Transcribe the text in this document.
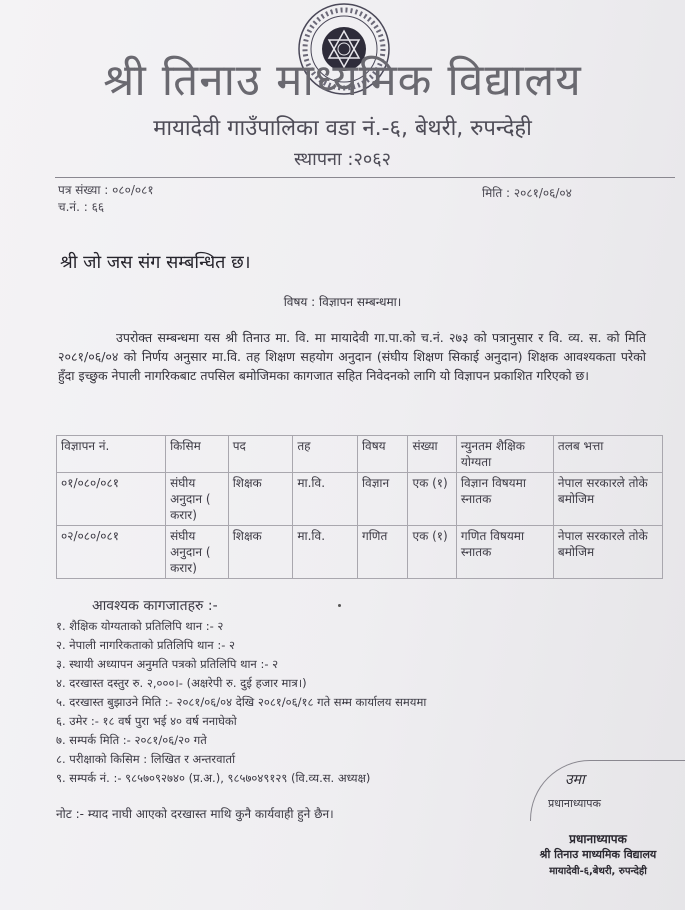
श्री तिनाउ माध्यमिक विद्यालय
मायादेवी गाउँपालिका वडा नं.-६, बेथरी, रुपन्देही
स्थापना :२०६२
पत्र संख्या : ०८०/०८१
च.नं. : ६६
मिति : २०८१/०६/०४
श्री जो जस संग सम्बन्धित छ।
विषय : विज्ञापन सम्बन्धमा।
उपरोक्त सम्बन्धमा यस श्री तिनाउ मा. वि. मा मायादेवी गा.पा.को च.नं. २७३ को पत्रानुसार र वि. व्य. स. को मिति २०८१/०६/०४ को निर्णय अनुसार मा.वि. तह शिक्षण सहयोग अनुदान (संघीय शिक्षण सिकाई अनुदान) शिक्षक आवश्यकता परेको हुँदा इच्छुक नेपाली नागरिकबाट तपसिल बमोजिमका कागजात सहित निवेदनको लागि यो विज्ञापन प्रकाशित गरिएको छ।
विज्ञापन नं.	किसिम	पद	तह	विषय	संख्या	न्युनतम शैक्षिक योग्यता	तलब भत्ता
०१/०८०/०८१	संघीय अनुदान ( करार)	शिक्षक	मा.वि.	विज्ञान	एक (१)	विज्ञान विषयमा स्नातक	नेपाल सरकारले तोके बमोजिम
०२/०८०/०८१	संघीय अनुदान ( करार)	शिक्षक	मा.वि.	गणित	एक (१)	गणित विषयमा स्नातक	नेपाल सरकारले तोके बमोजिम
आवश्यक कागजातहरु :-
१. शैक्षिक योग्यताको प्रतिलिपि थान :- २
२. नेपाली नागरिकताको प्रतिलिपि थान :- २
३. स्थायी अध्यापन अनुमति पत्रको प्रतिलिपि थान :- २
४. दरखास्त दस्तुर रु. २,०००।- (अक्षरेपी रु. दुई हजार मात्र।)
५. दरखास्त बुझाउने मिति :- २०८१/०६/०४ देखि २०८१/०६/१८ गते सम्म कार्यालय समयमा
६. उमेर :- १८ वर्ष पुरा भई ४० वर्ष ननाघेको
७. सम्पर्क मिति :- २०८१/०६/२० गते
८. परीक्षाको किसिम : लिखित र अन्तरवार्ता
९. सम्पर्क नं. :- ९८५७०९२७४० (प्र.अ.), ९८५७०४९१२९ (वि.व्य.स. अध्यक्ष)
नोट :- म्याद नाघी आएको दरखास्त माथि कुनै कार्यवाही हुने छैन।
उमा
प्रधानाध्यापक
प्रधानाध्यापक
श्री तिनाउ माध्यमिक विद्यालय
मायादेवी-६,बेथरी, रुपन्देही
